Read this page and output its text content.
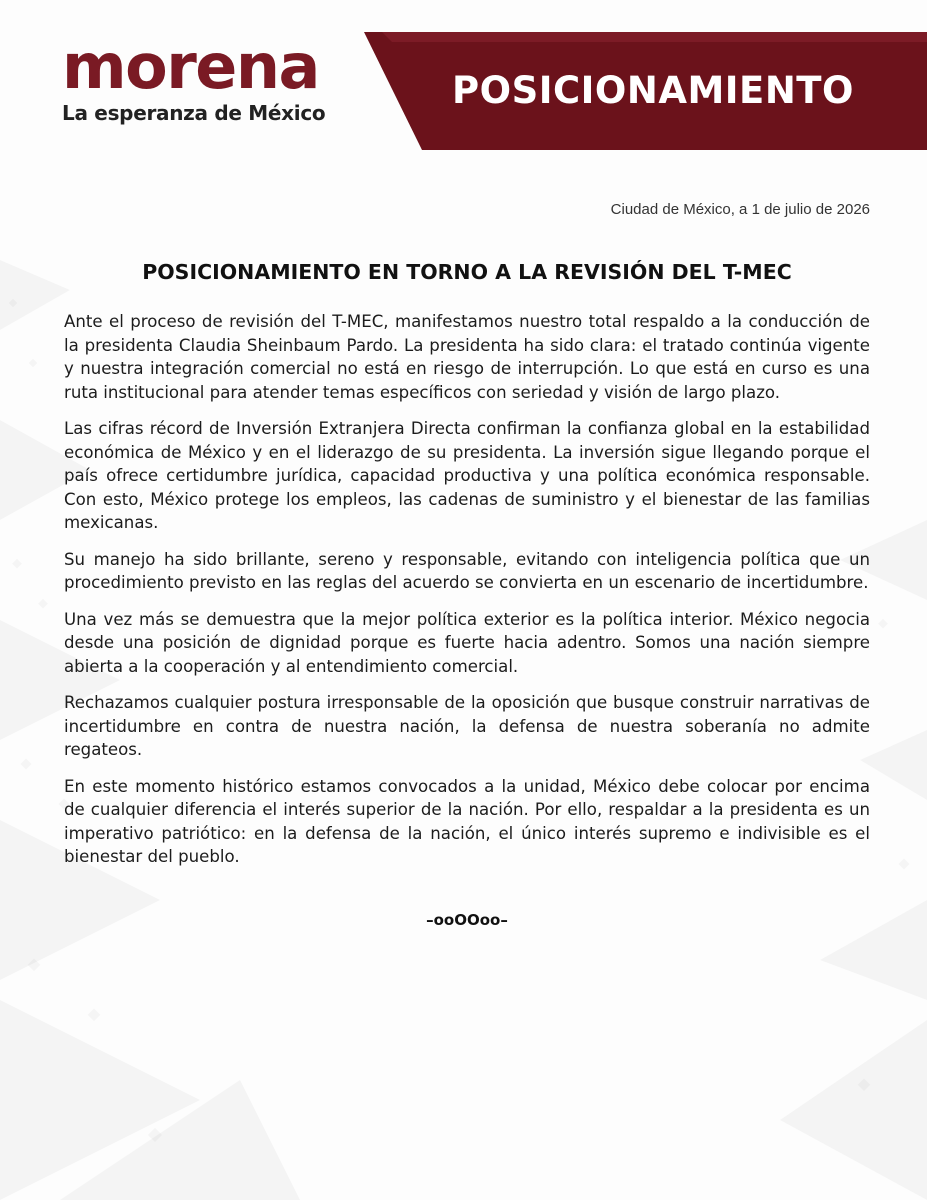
morena
La esperanza de México
POSICIONAMIENTO

Ciudad de México, a 1 de julio de 2026

POSICIONAMIENTO EN TORNO A LA REVISIÓN DEL T-MEC

Ante el proceso de revisión del T-MEC, manifestamos nuestro total respaldo a la conducción de la presidenta Claudia Sheinbaum Pardo. La presidenta ha sido clara: el tratado continúa vigente y nuestra integración comercial no está en riesgo de interrupción. Lo que está en curso es una ruta institucional para atender temas específicos con seriedad y visión de largo plazo.

Las cifras récord de Inversión Extranjera Directa confirman la confianza global en la estabilidad económica de México y en el liderazgo de su presidenta. La inversión sigue llegando porque el país ofrece certidumbre jurídica, capacidad productiva y una política económica responsable. Con esto, México protege los empleos, las cadenas de suministro y el bienestar de las familias mexicanas.

Su manejo ha sido brillante, sereno y responsable, evitando con inteligencia política que un procedimiento previsto en las reglas del acuerdo se convierta en un escenario de incertidumbre.

Una vez más se demuestra que la mejor política exterior es la política interior. México negocia desde una posición de dignidad porque es fuerte hacia adentro. Somos una nación siempre abierta a la cooperación y al entendimiento comercial.

Rechazamos cualquier postura irresponsable de la oposición que busque construir narrativas de incertidumbre en contra de nuestra nación, la defensa de nuestra soberanía no admite regateos.

En este momento histórico estamos convocados a la unidad, México debe colocar por encima de cualquier diferencia el interés superior de la nación. Por ello, respaldar a la presidenta es un imperativo patriótico: en la defensa de la nación, el único interés supremo e indivisible es el bienestar del pueblo.

–ooOOoo–
